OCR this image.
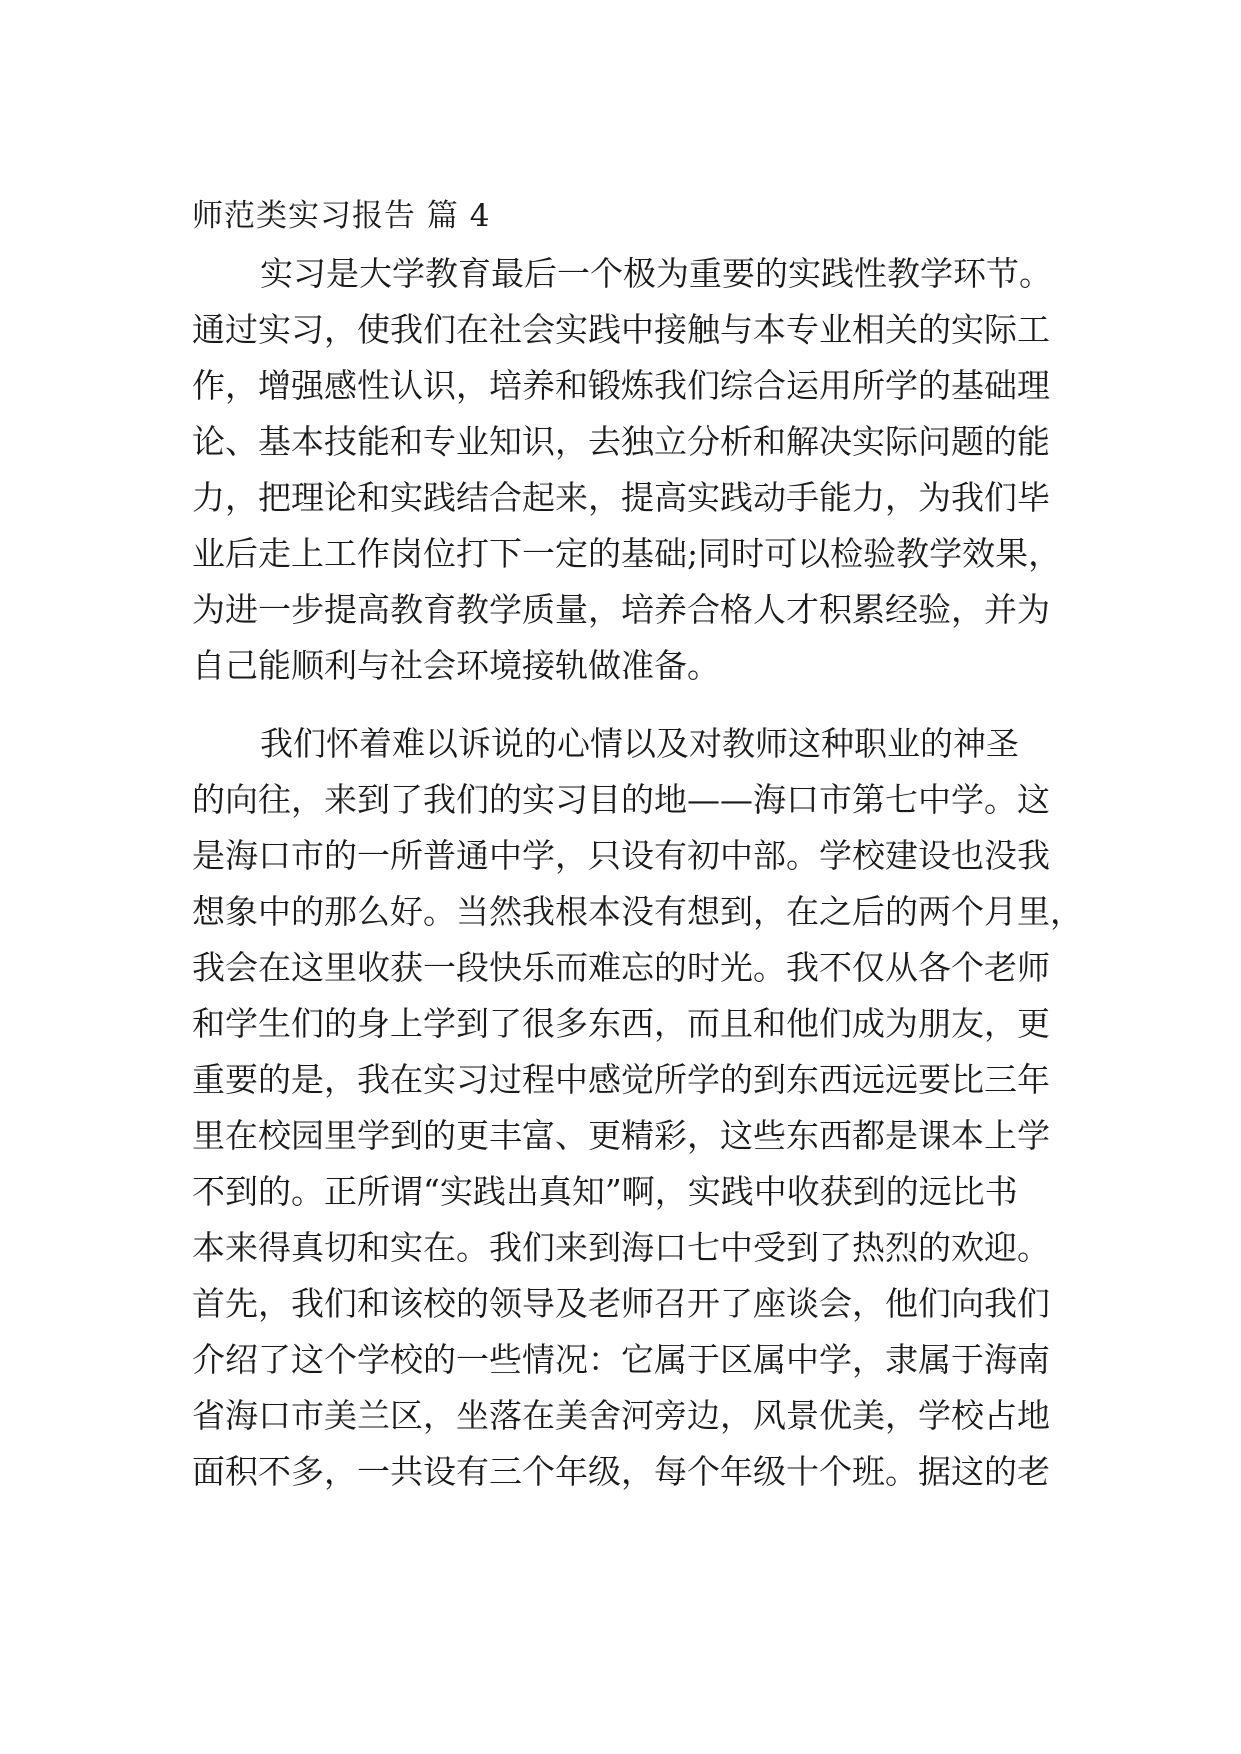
师范类实习报告 篇 4
实习是大学教育最后一个极为重要的实践性教学环节。
通过实习，使我们在社会实践中接触与本专业相关的实际工
作，增强感性认识，培养和锻炼我们综合运用所学的基础理
论、基本技能和专业知识，去独立分析和解决实际问题的能
力，把理论和实践结合起来，提高实践动手能力，为我们毕
业后走上工作岗位打下一定的基础;同时可以检验教学效果，
为进一步提高教育教学质量，培养合格人才积累经验，并为
自己能顺利与社会环境接轨做准备。
我们怀着难以诉说的心情以及对教师这种职业的神圣
的向往，来到了我们的实习目的地——海口市第七中学。这
是海口市的一所普通中学，只设有初中部。学校建设也没我
想象中的那么好。当然我根本没有想到，在之后的两个月里，
我会在这里收获一段快乐而难忘的时光。我不仅从各个老师
和学生们的身上学到了很多东西，而且和他们成为朋友，更
重要的是，我在实习过程中感觉所学的到东西远远要比三年
里在校园里学到的更丰富、更精彩，这些东西都是课本上学
不到的。正所谓“实践出真知”啊，实践中收获到的远比书
本来得真切和实在。我们来到海口七中受到了热烈的欢迎。
首先，我们和该校的领导及老师召开了座谈会，他们向我们
介绍了这个学校的一些情况：它属于区属中学，隶属于海南
省海口市美兰区，坐落在美舍河旁边，风景优美，学校占地
面积不多，一共设有三个年级，每个年级十个班。据这的老
